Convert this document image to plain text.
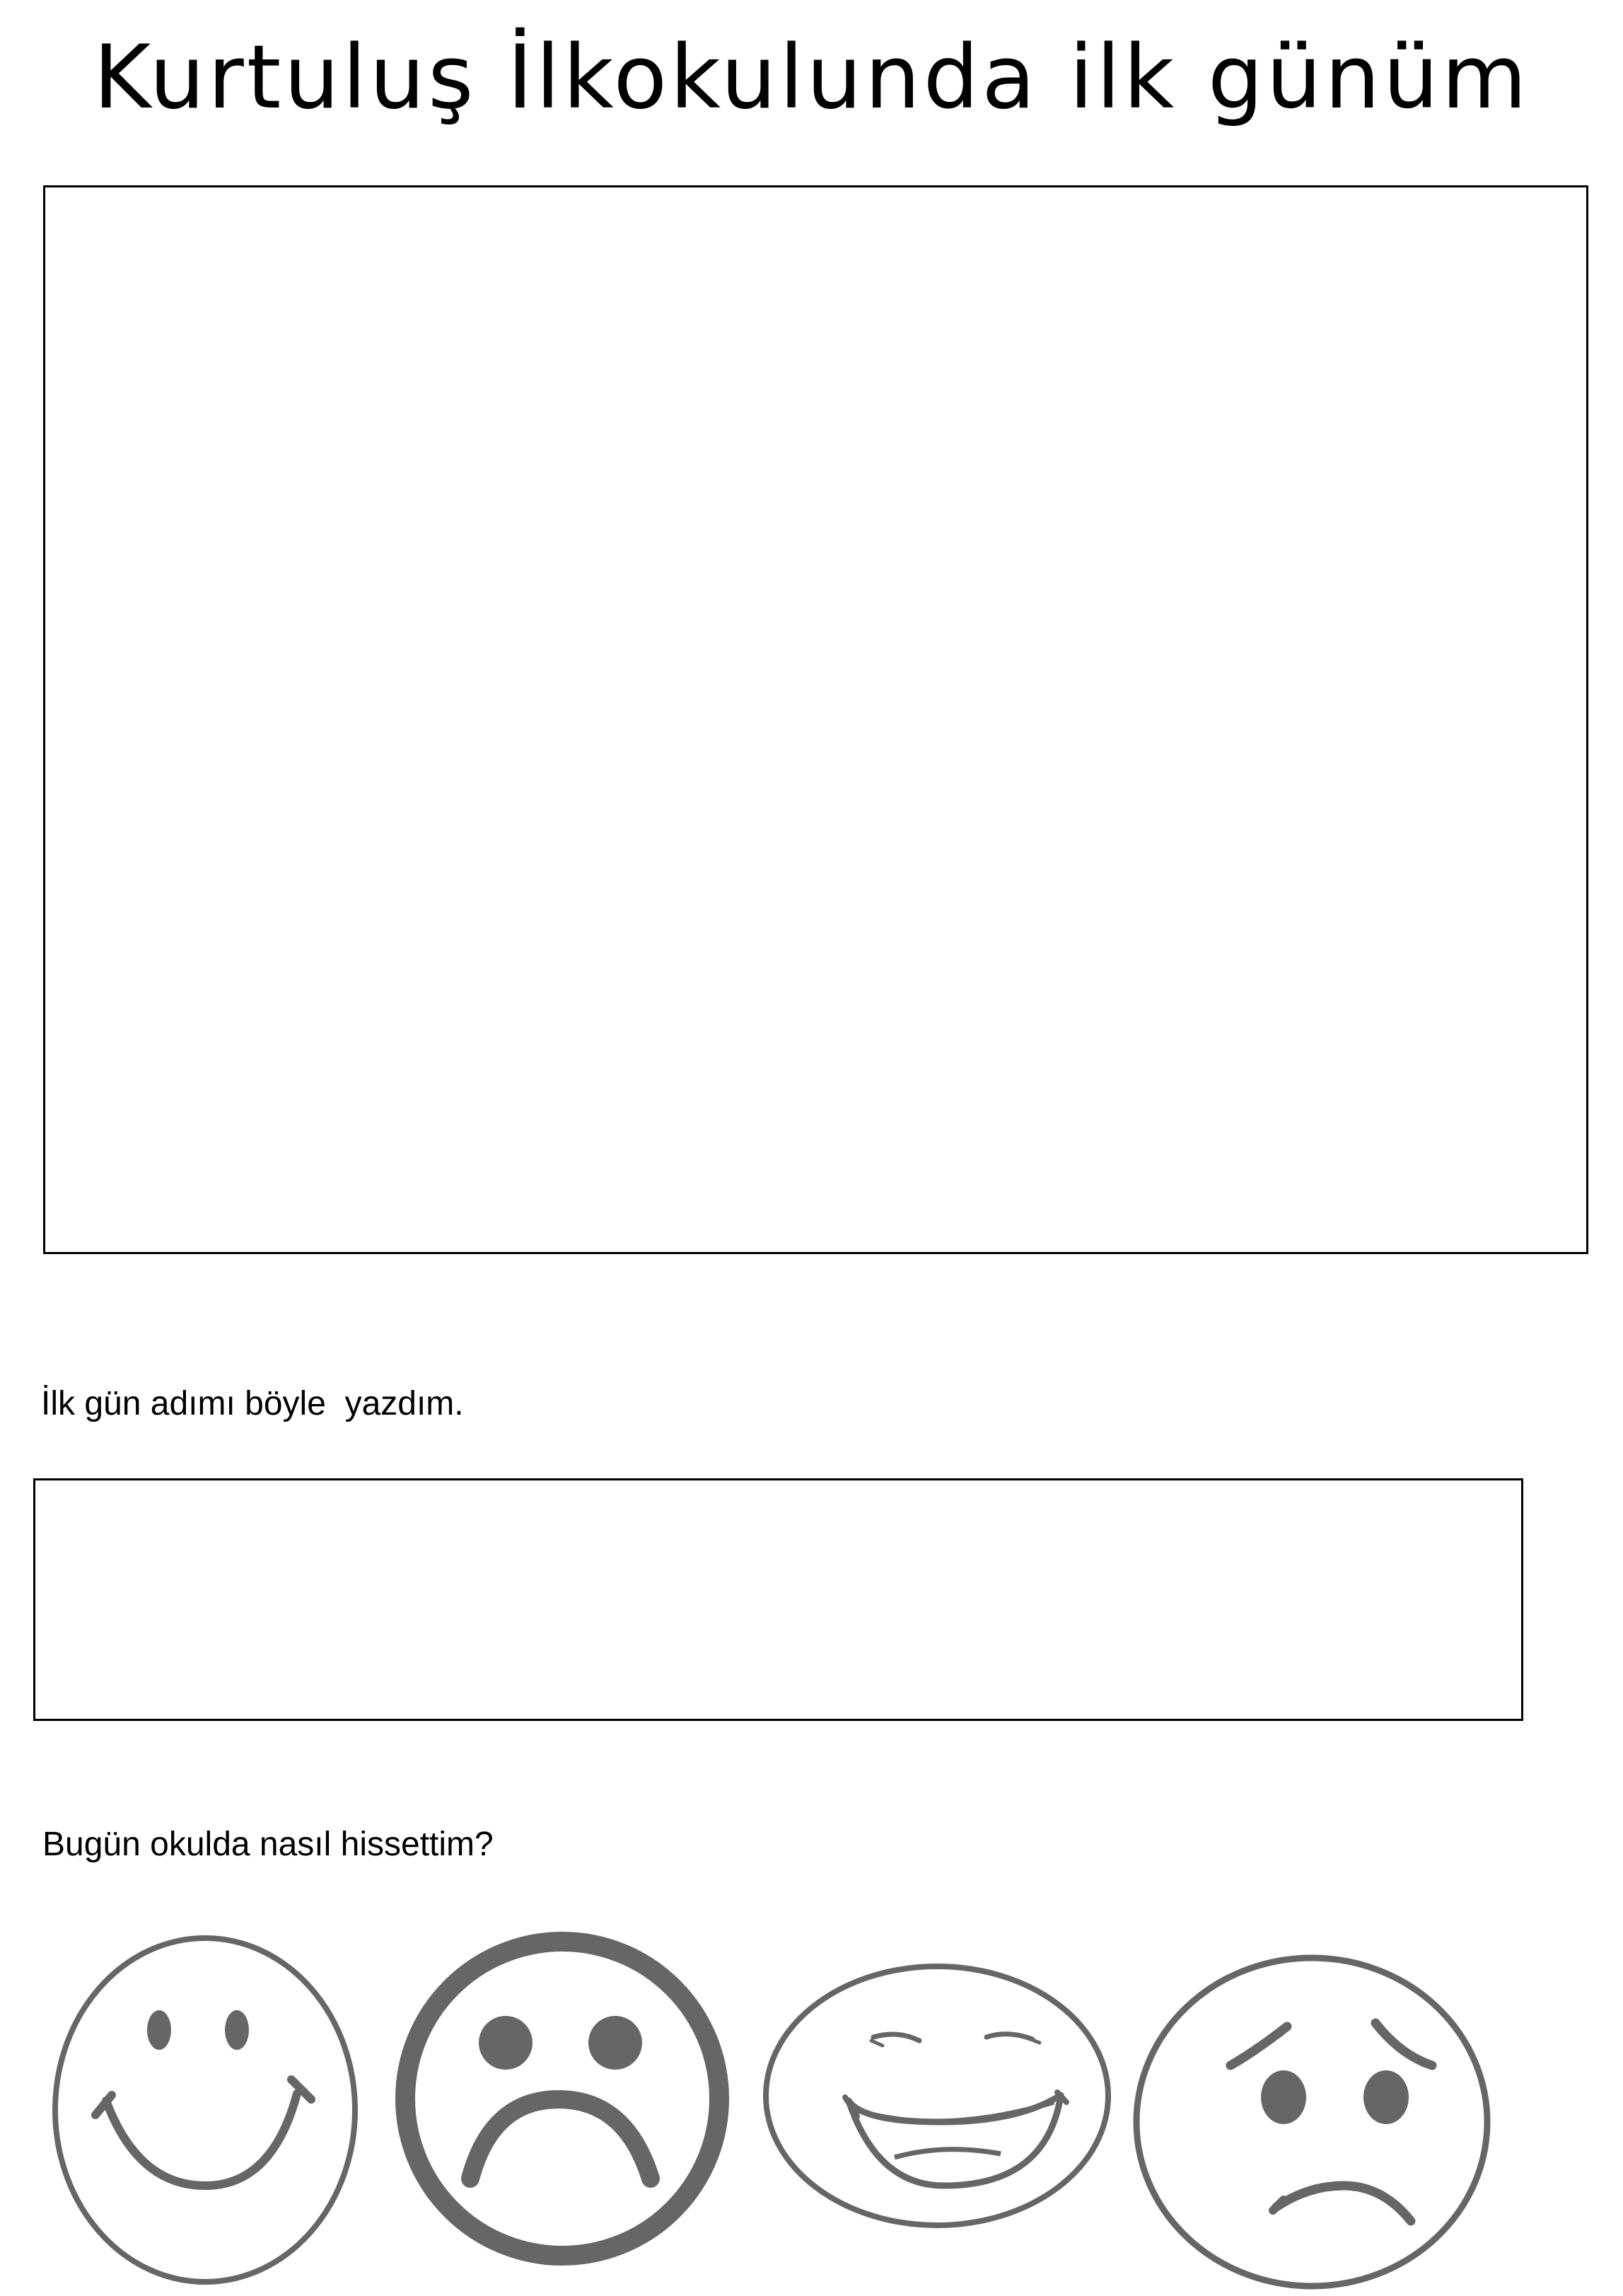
Kurtuluş İlkokulunda ilk günüm

İlk gün adımı böyle  yazdım.

Bugün okulda nasıl hissettim?
